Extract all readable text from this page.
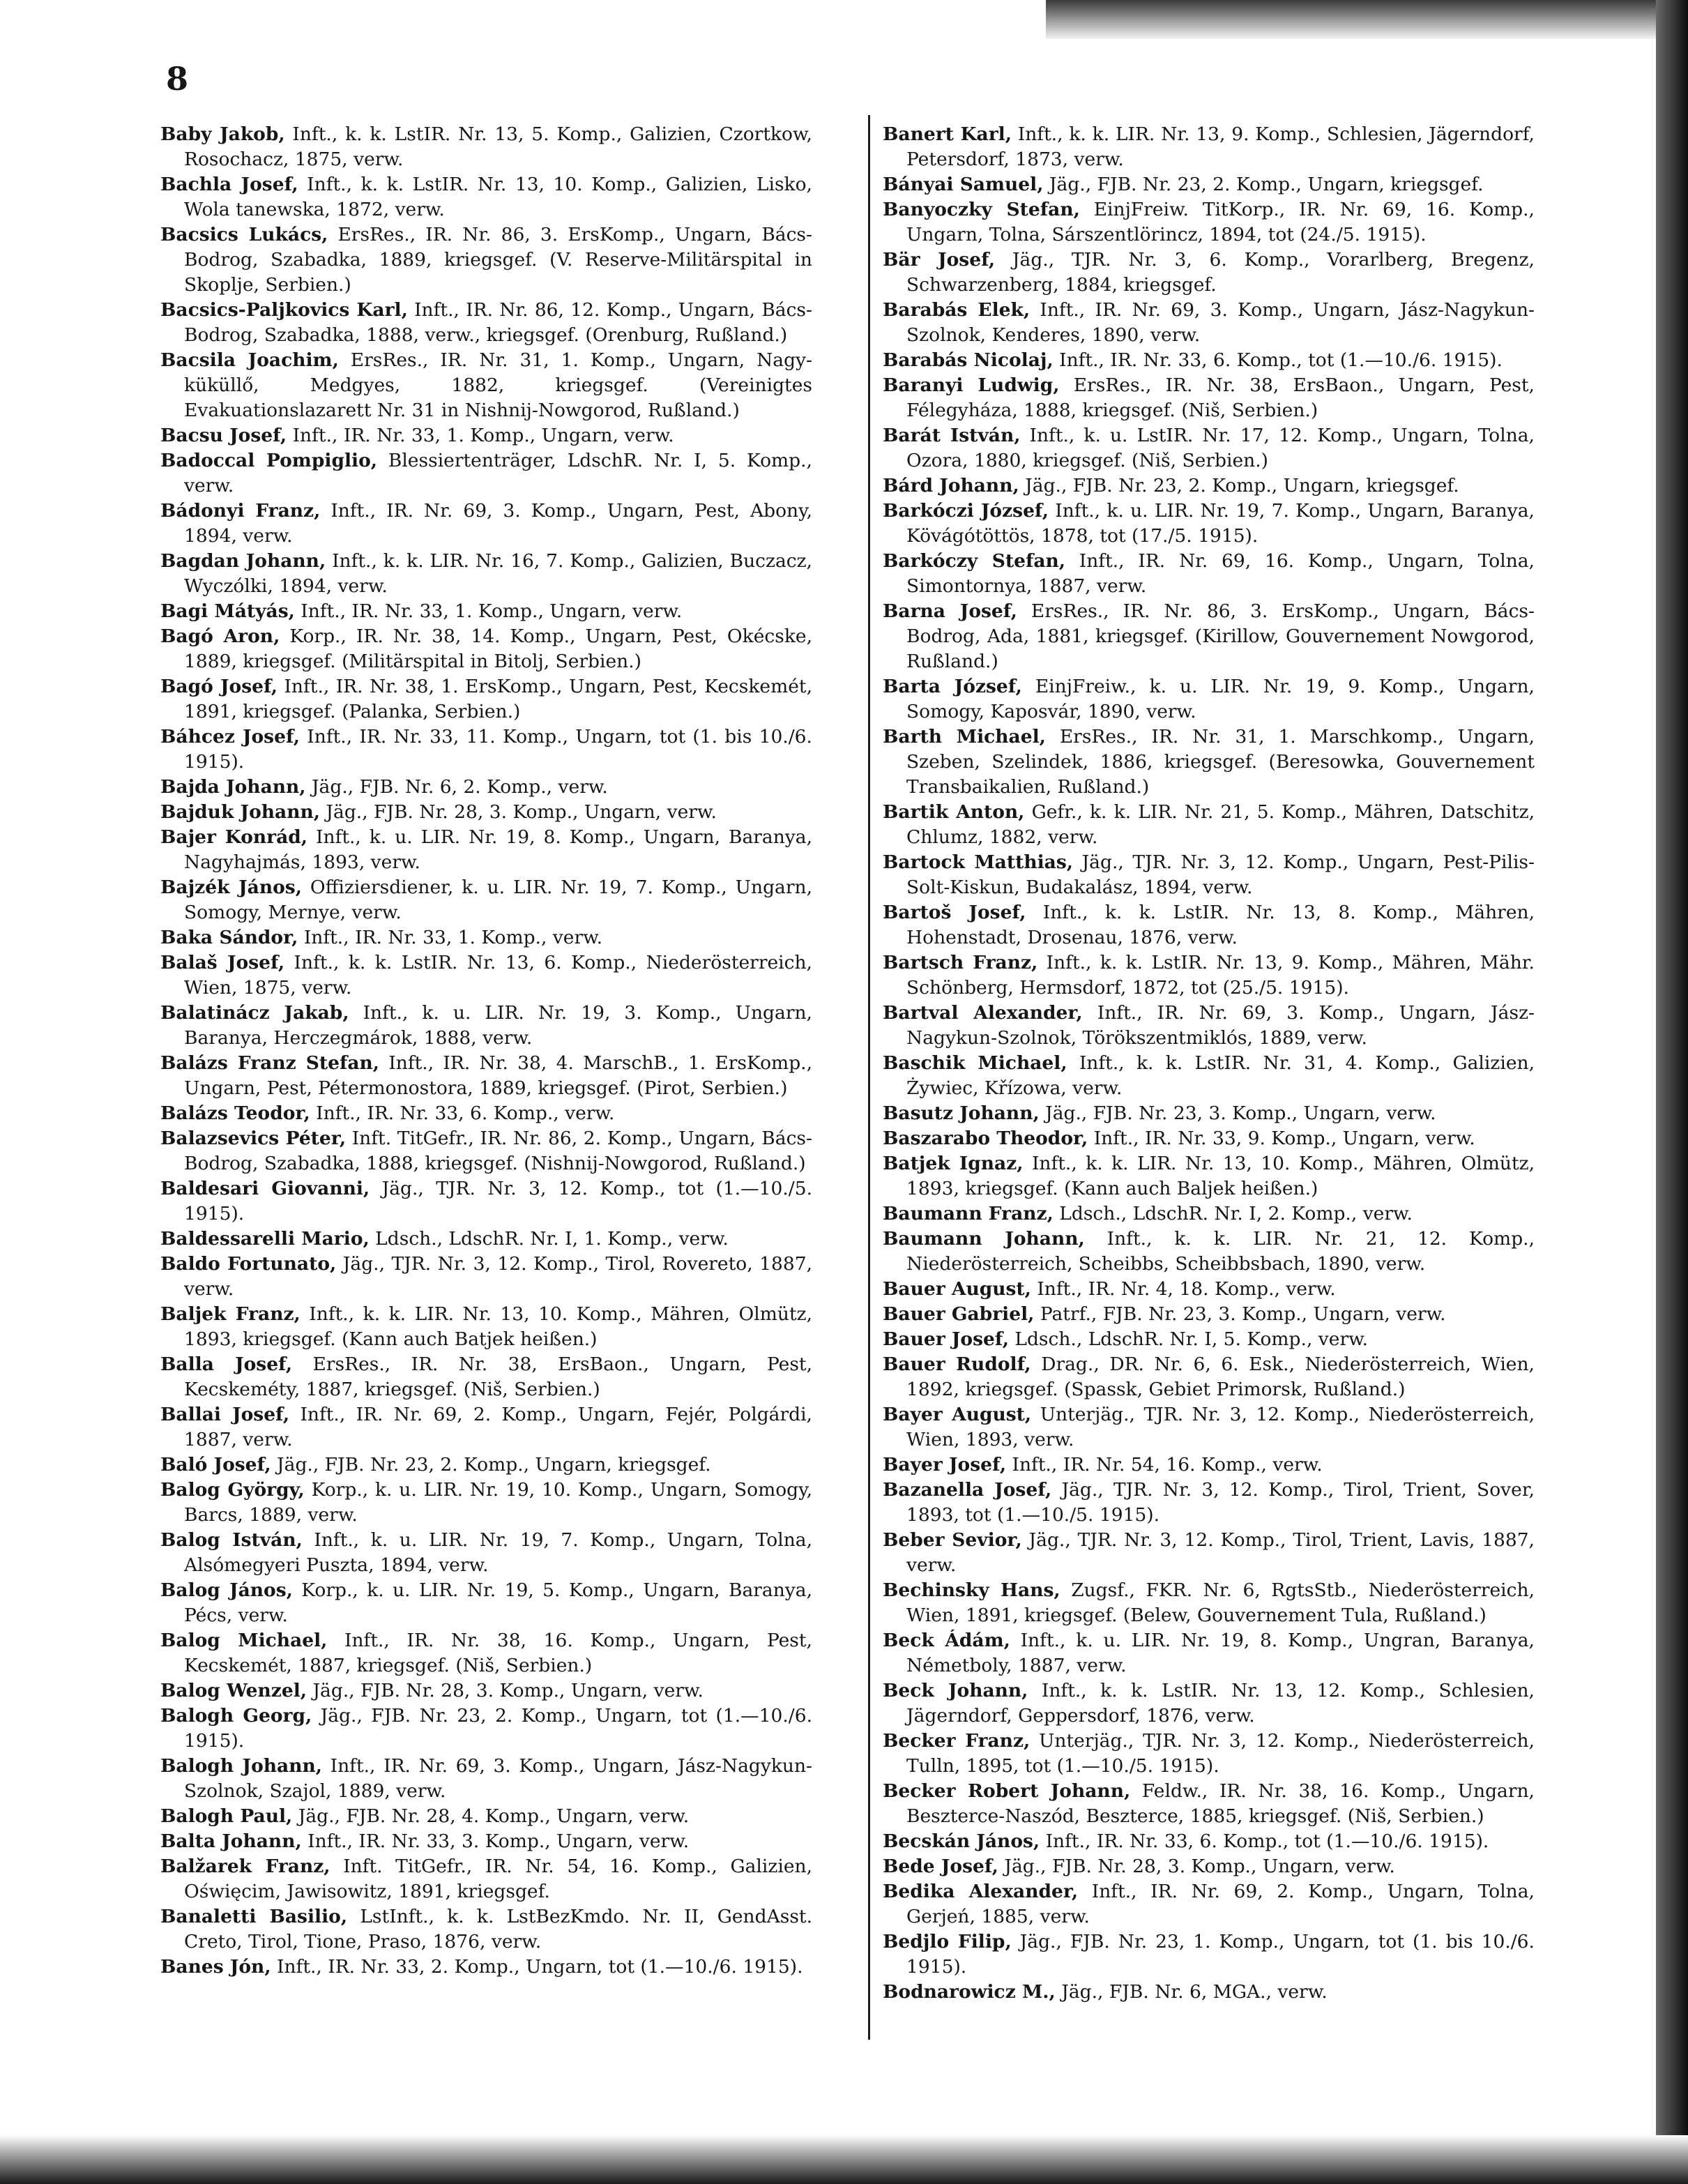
8

Baby Jakob, Inft., k. k. LstIR. Nr. 13, 5. Komp., Galizien, Czortkow, Rosochacz, 1875, verw.

Bachla Josef, Inft., k. k. LstIR. Nr. 13, 10. Komp., Galizien, Lisko, Wola tanewska, 1872, verw.

Bacsics Lukács, ErsRes., IR. Nr. 86, 3. ErsKomp., Ungarn, Bács-Bodrog, Szabadka, 1889, kriegsgef. (V. Reserve-Militärspital in Skoplje, Serbien.)

Bacsics-Paljkovics Karl, Inft., IR. Nr. 86, 12. Komp., Ungarn, Bács-Bodrog, Szabadka, 1888, verw., kriegsgef. (Orenburg, Rußland.)

Bacsila Joachim, ErsRes., IR. Nr. 31, 1. Komp., Ungarn, Nagy-küküllő, Medgyes, 1882, kriegsgef. (Vereinigtes Evakuationslazarett Nr. 31 in Nishnij-Nowgorod, Rußland.)

Bacsu Josef, Inft., IR. Nr. 33, 1. Komp., Ungarn, verw.

Badoccal Pompiglio, Blessiertenträger, LdschR. Nr. I, 5. Komp., verw.

Bádonyi Franz, Inft., IR. Nr. 69, 3. Komp., Ungarn, Pest, Abony, 1894, verw.

Bagdan Johann, Inft., k. k. LIR. Nr. 16, 7. Komp., Galizien, Buczacz, Wyczólki, 1894, verw.

Bagi Mátyás, Inft., IR. Nr. 33, 1. Komp., Ungarn, verw.

Bagó Aron, Korp., IR. Nr. 38, 14. Komp., Ungarn, Pest, Okécske, 1889, kriegsgef. (Militärspital in Bitolj, Serbien.)

Bagó Josef, Inft., IR. Nr. 38, 1. ErsKomp., Ungarn, Pest, Kecskemét, 1891, kriegsgef. (Palanka, Serbien.)

Báhcez Josef, Inft., IR. Nr. 33, 11. Komp., Ungarn, tot (1. bis 10./6. 1915).

Bajda Johann, Jäg., FJB. Nr. 6, 2. Komp., verw.

Bajduk Johann, Jäg., FJB. Nr. 28, 3. Komp., Ungarn, verw.

Bajer Konrád, Inft., k. u. LIR. Nr. 19, 8. Komp., Ungarn, Baranya, Nagyhajmás, 1893, verw.

Bajzék János, Offiziersdiener, k. u. LIR. Nr. 19, 7. Komp., Ungarn, Somogy, Mernye, verw.

Baka Sándor, Inft., IR. Nr. 33, 1. Komp., verw.

Balaš Josef, Inft., k. k. LstIR. Nr. 13, 6. Komp., Niederösterreich, Wien, 1875, verw.

Balatinácz Jakab, Inft., k. u. LIR. Nr. 19, 3. Komp., Ungarn, Baranya, Herczegmárok, 1888, verw.

Balázs Franz Stefan, Inft., IR. Nr. 38, 4. MarschB., 1. ErsKomp., Ungarn, Pest, Pétermonostora, 1889, kriegsgef. (Pirot, Serbien.)

Balázs Teodor, Inft., IR. Nr. 33, 6. Komp., verw.

Balazsevics Péter, Inft. TitGefr., IR. Nr. 86, 2. Komp., Ungarn, Bács-Bodrog, Szabadka, 1888, kriegsgef. (Nishnij-Nowgorod, Rußland.)

Baldesari Giovanni, Jäg., TJR. Nr. 3, 12. Komp., tot (1.—10./5. 1915).

Baldessarelli Mario, Ldsch., LdschR. Nr. I, 1. Komp., verw.

Baldo Fortunato, Jäg., TJR. Nr. 3, 12. Komp., Tirol, Rovereto, 1887, verw.

Baljek Franz, Inft., k. k. LIR. Nr. 13, 10. Komp., Mähren, Olmütz, 1893, kriegsgef. (Kann auch Batjek heißen.)

Balla Josef, ErsRes., IR. Nr. 38, ErsBaon., Ungarn, Pest, Kecskeméty, 1887, kriegsgef. (Niš, Serbien.)

Ballai Josef, Inft., IR. Nr. 69, 2. Komp., Ungarn, Fejér, Polgárdi, 1887, verw.

Baló Josef, Jäg., FJB. Nr. 23, 2. Komp., Ungarn, kriegsgef.

Balog György, Korp., k. u. LIR. Nr. 19, 10. Komp., Ungarn, Somogy, Barcs, 1889, verw.

Balog István, Inft., k. u. LIR. Nr. 19, 7. Komp., Ungarn, Tolna, Alsómegyeri Puszta, 1894, verw.

Balog János, Korp., k. u. LIR. Nr. 19, 5. Komp., Ungarn, Baranya, Pécs, verw.

Balog Michael, Inft., IR. Nr. 38, 16. Komp., Ungarn, Pest, Kecskemét, 1887, kriegsgef. (Niš, Serbien.)

Balog Wenzel, Jäg., FJB. Nr. 28, 3. Komp., Ungarn, verw.

Balogh Georg, Jäg., FJB. Nr. 23, 2. Komp., Ungarn, tot (1.—10./6. 1915).

Balogh Johann, Inft., IR. Nr. 69, 3. Komp., Ungarn, Jász-Nagykun-Szolnok, Szajol, 1889, verw.

Balogh Paul, Jäg., FJB. Nr. 28, 4. Komp., Ungarn, verw.

Balta Johann, Inft., IR. Nr. 33, 3. Komp., Ungarn, verw.

Balžarek Franz, Inft. TitGefr., IR. Nr. 54, 16. Komp., Galizien, Oświęcim, Jawisowitz, 1891, kriegsgef.

Banaletti Basilio, LstInft., k. k. LstBezKmdo. Nr. II, GendAsst. Creto, Tirol, Tione, Praso, 1876, verw.

Banes Jón, Inft., IR. Nr. 33, 2. Komp., Ungarn, tot (1.—10./6. 1915).

Banert Karl, Inft., k. k. LIR. Nr. 13, 9. Komp., Schlesien, Jägerndorf, Petersdorf, 1873, verw.

Bányai Samuel, Jäg., FJB. Nr. 23, 2. Komp., Ungarn, kriegsgef.

Banyoczky Stefan, EinjFreiw. TitKorp., IR. Nr. 69, 16. Komp., Ungarn, Tolna, Sárszentlörincz, 1894, tot (24./5. 1915).

Bär Josef, Jäg., TJR. Nr. 3, 6. Komp., Vorarlberg, Bregenz, Schwarzenberg, 1884, kriegsgef.

Barabás Elek, Inft., IR. Nr. 69, 3. Komp., Ungarn, Jász-Nagykun-Szolnok, Kenderes, 1890, verw.

Barabás Nicolaj, Inft., IR. Nr. 33, 6. Komp., tot (1.—10./6. 1915).

Baranyi Ludwig, ErsRes., IR. Nr. 38, ErsBaon., Ungarn, Pest, Félegyháza, 1888, kriegsgef. (Niš, Serbien.)

Barát István, Inft., k. u. LstIR. Nr. 17, 12. Komp., Ungarn, Tolna, Ozora, 1880, kriegsgef. (Niš, Serbien.)

Bárd Johann, Jäg., FJB. Nr. 23, 2. Komp., Ungarn, kriegsgef.

Barkóczi József, Inft., k. u. LIR. Nr. 19, 7. Komp., Ungarn, Baranya, Kövágótöttös, 1878, tot (17./5. 1915).

Barkóczy Stefan, Inft., IR. Nr. 69, 16. Komp., Ungarn, Tolna, Simontornya, 1887, verw.

Barna Josef, ErsRes., IR. Nr. 86, 3. ErsKomp., Ungarn, Bács-Bodrog, Ada, 1881, kriegsgef. (Kirillow, Gouvernement Nowgorod, Rußland.)

Barta József, EinjFreiw., k. u. LIR. Nr. 19, 9. Komp., Ungarn, Somogy, Kaposvár, 1890, verw.

Barth Michael, ErsRes., IR. Nr. 31, 1. Marschkomp., Ungarn, Szeben, Szelindek, 1886, kriegsgef. (Beresowka, Gouvernement Transbaikalien, Rußland.)

Bartik Anton, Gefr., k. k. LIR. Nr. 21, 5. Komp., Mähren, Datschitz, Chlumz, 1882, verw.

Bartock Matthias, Jäg., TJR. Nr. 3, 12. Komp., Ungarn, Pest-Pilis-Solt-Kiskun, Budakalász, 1894, verw.

Bartoš Josef, Inft., k. k. LstIR. Nr. 13, 8. Komp., Mähren, Hohenstadt, Drosenau, 1876, verw.

Bartsch Franz, Inft., k. k. LstIR. Nr. 13, 9. Komp., Mähren, Mähr. Schönberg, Hermsdorf, 1872, tot (25./5. 1915).

Bartval Alexander, Inft., IR. Nr. 69, 3. Komp., Ungarn, Jász-Nagykun-Szolnok, Törökszentmiklós, 1889, verw.

Baschik Michael, Inft., k. k. LstIR. Nr. 31, 4. Komp., Galizien, Żywiec, Křízowa, verw.

Basutz Johann, Jäg., FJB. Nr. 23, 3. Komp., Ungarn, verw.

Baszarabo Theodor, Inft., IR. Nr. 33, 9. Komp., Ungarn, verw.

Batjek Ignaz, Inft., k. k. LIR. Nr. 13, 10. Komp., Mähren, Olmütz, 1893, kriegsgef. (Kann auch Baljek heißen.)

Baumann Franz, Ldsch., LdschR. Nr. I, 2. Komp., verw.

Baumann Johann, Inft., k. k. LIR. Nr. 21, 12. Komp., Niederösterreich, Scheibbs, Scheibbsbach, 1890, verw.

Bauer August, Inft., IR. Nr. 4, 18. Komp., verw.

Bauer Gabriel, Patrf., FJB. Nr. 23, 3. Komp., Ungarn, verw.

Bauer Josef, Ldsch., LdschR. Nr. I, 5. Komp., verw.

Bauer Rudolf, Drag., DR. Nr. 6, 6. Esk., Niederösterreich, Wien, 1892, kriegsgef. (Spassk, Gebiet Primorsk, Rußland.)

Bayer August, Unterjäg., TJR. Nr. 3, 12. Komp., Niederösterreich, Wien, 1893, verw.

Bayer Josef, Inft., IR. Nr. 54, 16. Komp., verw.

Bazanella Josef, Jäg., TJR. Nr. 3, 12. Komp., Tirol, Trient, Sover, 1893, tot (1.—10./5. 1915).

Beber Sevior, Jäg., TJR. Nr. 3, 12. Komp., Tirol, Trient, Lavis, 1887, verw.

Bechinsky Hans, Zugsf., FKR. Nr. 6, RgtsStb., Niederösterreich, Wien, 1891, kriegsgef. (Belew, Gouvernement Tula, Rußland.)

Beck Ádám, Inft., k. u. LIR. Nr. 19, 8. Komp., Ungran, Baranya, Németboly, 1887, verw.

Beck Johann, Inft., k. k. LstIR. Nr. 13, 12. Komp., Schlesien, Jägerndorf, Geppersdorf, 1876, verw.

Becker Franz, Unterjäg., TJR. Nr. 3, 12. Komp., Niederösterreich, Tulln, 1895, tot (1.—10./5. 1915).

Becker Robert Johann, Feldw., IR. Nr. 38, 16. Komp., Ungarn, Beszterce-Naszód, Beszterce, 1885, kriegsgef. (Niš, Serbien.)

Becskán János, Inft., IR. Nr. 33, 6. Komp., tot (1.—10./6. 1915).

Bede Josef, Jäg., FJB. Nr. 28, 3. Komp., Ungarn, verw.

Bedika Alexander, Inft., IR. Nr. 69, 2. Komp., Ungarn, Tolna, Gerjeń, 1885, verw.

Bedjlo Filip, Jäg., FJB. Nr. 23, 1. Komp., Ungarn, tot (1. bis 10./6. 1915).

Bodnarowicz M., Jäg., FJB. Nr. 6, MGA., verw.
